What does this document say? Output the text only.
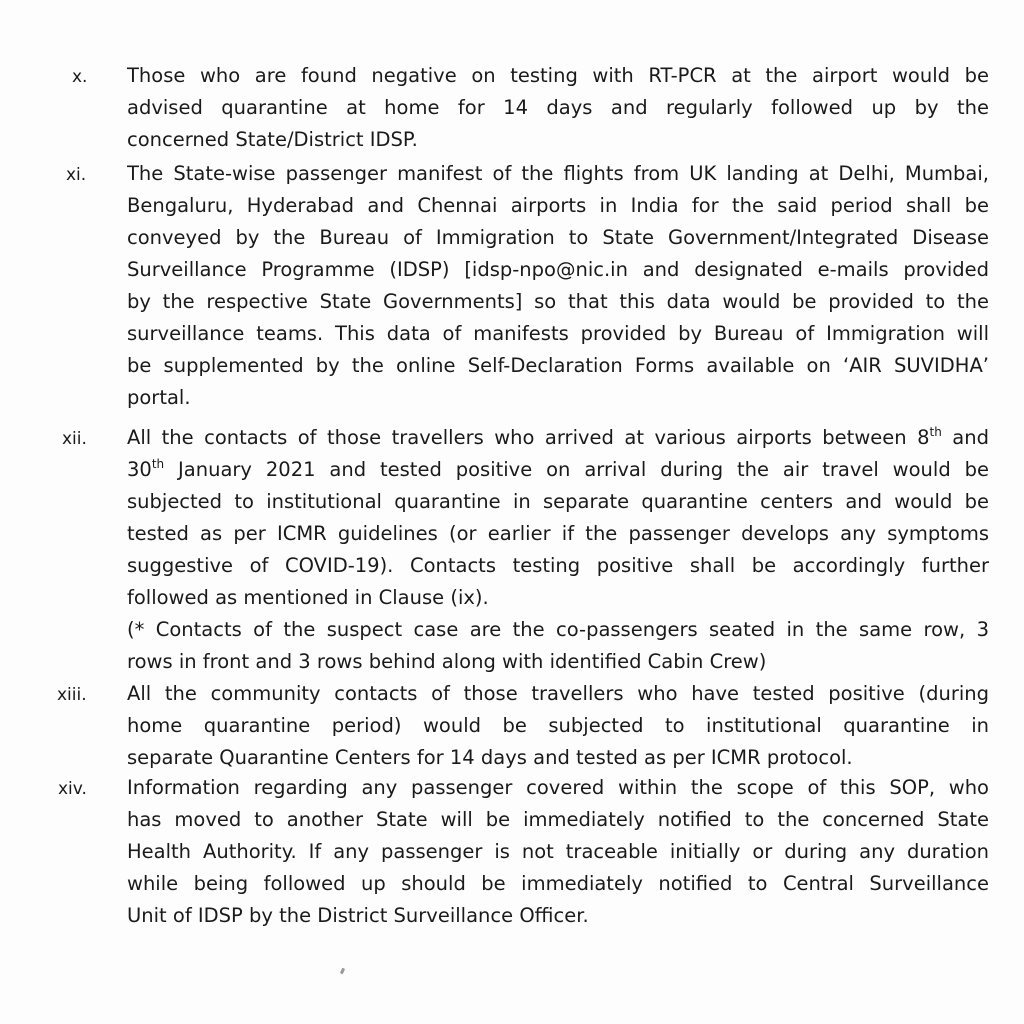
x.	Those who are found negative on testing with RT-PCR at the airport would be
advised quarantine at home for 14 days and regularly followed up by the
concerned State/District IDSP.
xi.	The State-wise passenger manifest of the flights from UK landing at Delhi, Mumbai,
Bengaluru, Hyderabad and Chennai airports in India for the said period shall be
conveyed by the Bureau of Immigration to State Government/Integrated Disease
Surveillance Programme (IDSP) [idsp-npo@nic.in and designated e-mails provided
by the respective State Governments] so that this data would be provided to the
surveillance teams. This data of manifests provided by Bureau of Immigration will
be supplemented by the online Self-Declaration Forms available on ‘AIR SUVIDHA’
portal.
xii.	All the contacts of those travellers who arrived at various airports between 8th and
30th January 2021 and tested positive on arrival during the air travel would be
subjected to institutional quarantine in separate quarantine centers and would be
tested as per ICMR guidelines (or earlier if the passenger develops any symptoms
suggestive of COVID-19). Contacts testing positive shall be accordingly further
followed as mentioned in Clause (ix).
(* Contacts of the suspect case are the co-passengers seated in the same row, 3
rows in front and 3 rows behind along with identified Cabin Crew)
xiii.	All the community contacts of those travellers who have tested positive (during
home quarantine period) would be subjected to institutional quarantine in
separate Quarantine Centers for 14 days and tested as per ICMR protocol.
xiv.	Information regarding any passenger covered within the scope of this SOP, who
has moved to another State will be immediately notified to the concerned State
Health Authority. If any passenger is not traceable initially or during any duration
while being followed up should be immediately notified to Central Surveillance
Unit of IDSP by the District Surveillance Officer.
